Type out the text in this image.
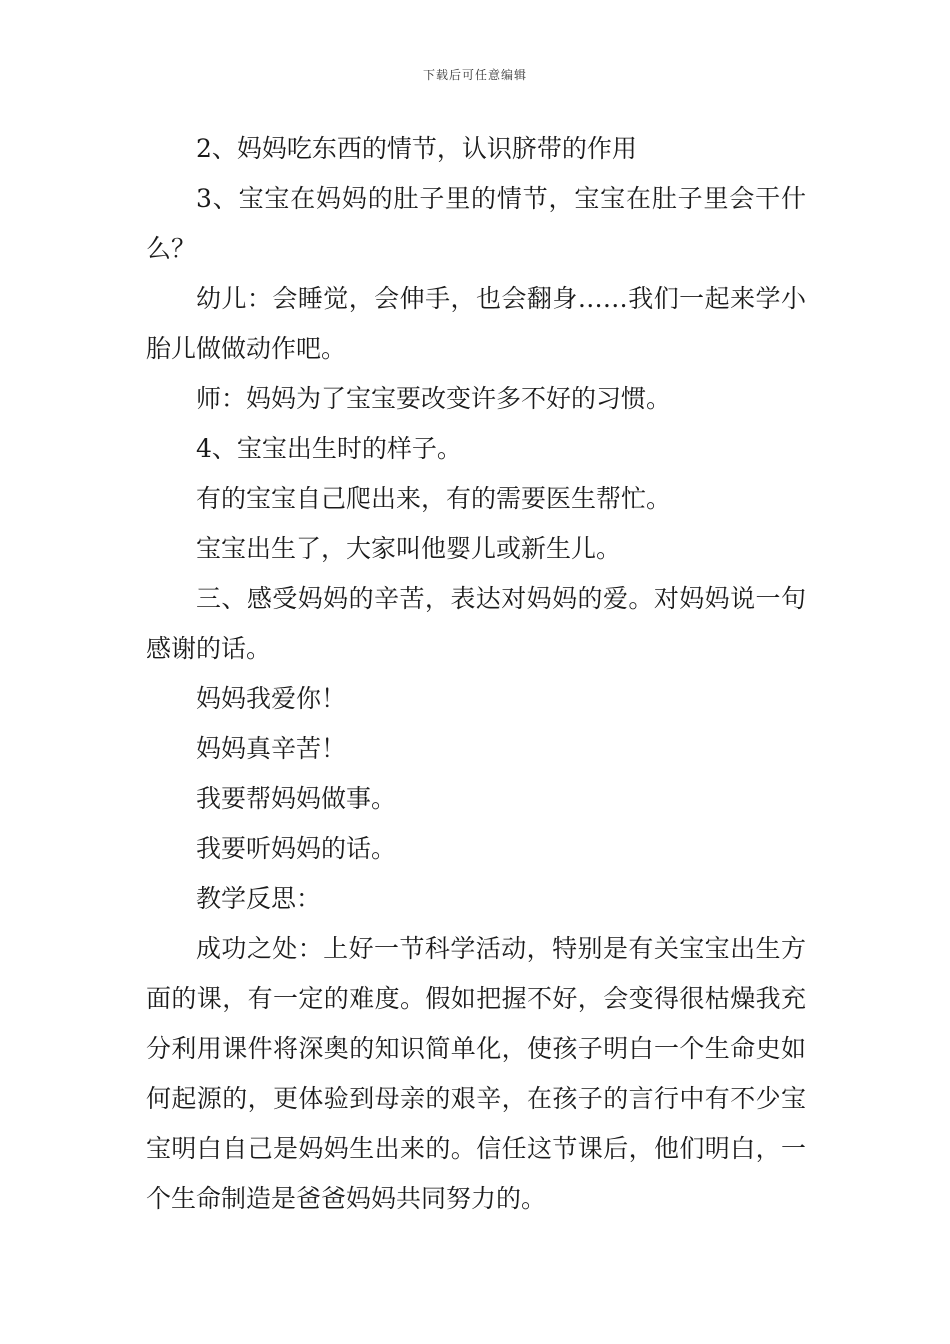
下载后可任意编辑

2、妈妈吃东西的情节，认识脐带的作用

3、宝宝在妈妈的肚子里的情节，宝宝在肚子里会干什么？

幼儿：会睡觉，会伸手，也会翻身……我们一起来学小胎儿做做动作吧。

师：妈妈为了宝宝要改变许多不好的习惯。

4、宝宝出生时的样子。

有的宝宝自己爬出来，有的需要医生帮忙。

宝宝出生了，大家叫他婴儿或新生儿。

三、感受妈妈的辛苦，表达对妈妈的爱。对妈妈说一句感谢的话。

妈妈我爱你！

妈妈真辛苦！

我要帮妈妈做事。

我要听妈妈的话。

教学反思：

成功之处：上好一节科学活动，特别是有关宝宝出生方面的课，有一定的难度。假如把握不好，会变得很枯燥我充分利用课件将深奥的知识简单化，使孩子明白一个生命史如何起源的，更体验到母亲的艰辛，在孩子的言行中有不少宝宝明白自己是妈妈生出来的。信任这节课后，他们明白，一个生命制造是爸爸妈妈共同努力的。
